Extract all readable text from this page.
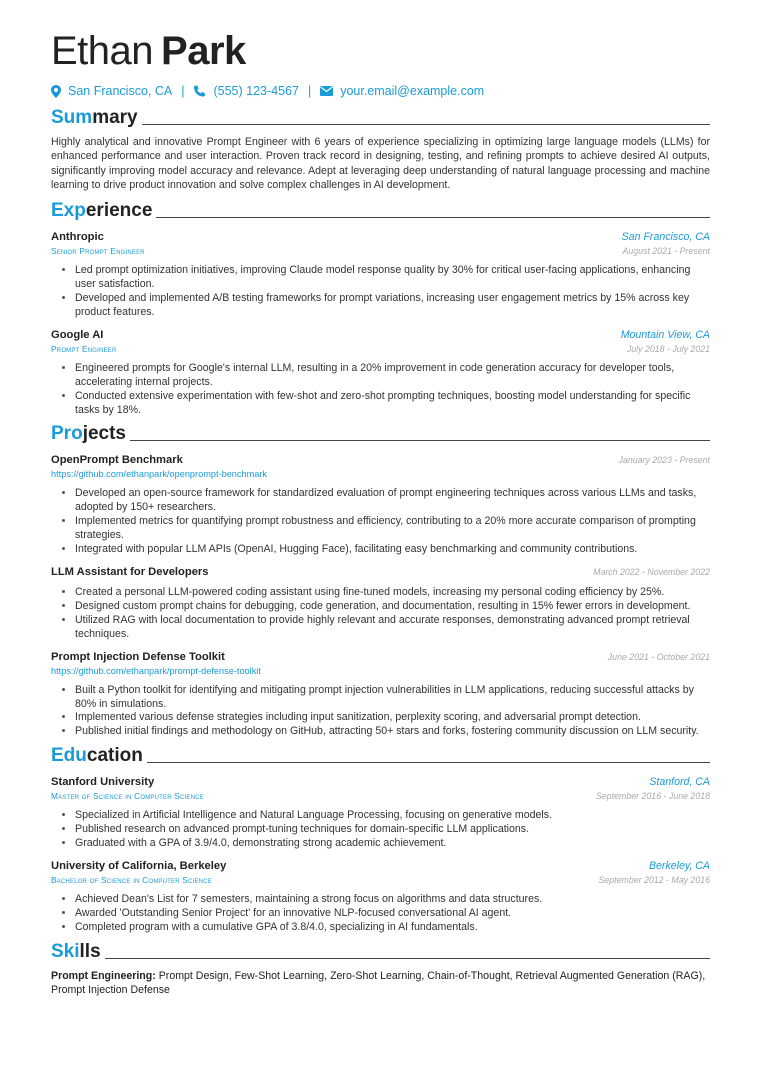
Ethan Park
San Francisco, CA | (555) 123-4567 | your.email@example.com
Summary
Highly analytical and innovative Prompt Engineer with 6 years of experience specializing in optimizing large language models (LLMs) for enhanced performance and user interaction. Proven track record in designing, testing, and refining prompts to achieve desired AI outputs, significantly improving model accuracy and relevance. Adept at leveraging deep understanding of natural language processing and machine learning to drive product innovation and solve complex challenges in AI development.
Experience
Anthropic	San Francisco, CA
Senior Prompt Engineer	August 2021 - Present
• Led prompt optimization initiatives, improving Claude model response quality by 30% for critical user-facing applications, enhancing user satisfaction.
• Developed and implemented A/B testing frameworks for prompt variations, increasing user engagement metrics by 15% across key product features.
Google AI	Mountain View, CA
Prompt Engineer	July 2018 - July 2021
• Engineered prompts for Google's internal LLM, resulting in a 20% improvement in code generation accuracy for developer tools, accelerating internal projects.
• Conducted extensive experimentation with few-shot and zero-shot prompting techniques, boosting model understanding for specific tasks by 18%.
Projects
OpenPrompt Benchmark	January 2023 - Present
https://github.com/ethanpark/openprompt-benchmark
• Developed an open-source framework for standardized evaluation of prompt engineering techniques across various LLMs and tasks, adopted by 150+ researchers.
• Implemented metrics for quantifying prompt robustness and efficiency, contributing to a 20% more accurate comparison of prompting strategies.
• Integrated with popular LLM APIs (OpenAI, Hugging Face), facilitating easy benchmarking and community contributions.
LLM Assistant for Developers	March 2022 - November 2022
• Created a personal LLM-powered coding assistant using fine-tuned models, increasing my personal coding efficiency by 25%.
• Designed custom prompt chains for debugging, code generation, and documentation, resulting in 15% fewer errors in development.
• Utilized RAG with local documentation to provide highly relevant and accurate responses, demonstrating advanced prompt retrieval techniques.
Prompt Injection Defense Toolkit	June 2021 - October 2021
https://github.com/ethanpark/prompt-defense-toolkit
• Built a Python toolkit for identifying and mitigating prompt injection vulnerabilities in LLM applications, reducing successful attacks by 80% in simulations.
• Implemented various defense strategies including input sanitization, perplexity scoring, and adversarial prompt detection.
• Published initial findings and methodology on GitHub, attracting 50+ stars and forks, fostering community discussion on LLM security.
Education
Stanford University	Stanford, CA
Master of Science in Computer Science	September 2016 - June 2018
• Specialized in Artificial Intelligence and Natural Language Processing, focusing on generative models.
• Published research on advanced prompt-tuning techniques for domain-specific LLM applications.
• Graduated with a GPA of 3.9/4.0, demonstrating strong academic achievement.
University of California, Berkeley	Berkeley, CA
Bachelor of Science in Computer Science	September 2012 - May 2016
• Achieved Dean's List for 7 semesters, maintaining a strong focus on algorithms and data structures.
• Awarded 'Outstanding Senior Project' for an innovative NLP-focused conversational AI agent.
• Completed program with a cumulative GPA of 3.8/4.0, specializing in AI fundamentals.
Skills
Prompt Engineering: Prompt Design, Few-Shot Learning, Zero-Shot Learning, Chain-of-Thought, Retrieval Augmented Generation (RAG), Prompt Injection Defense
